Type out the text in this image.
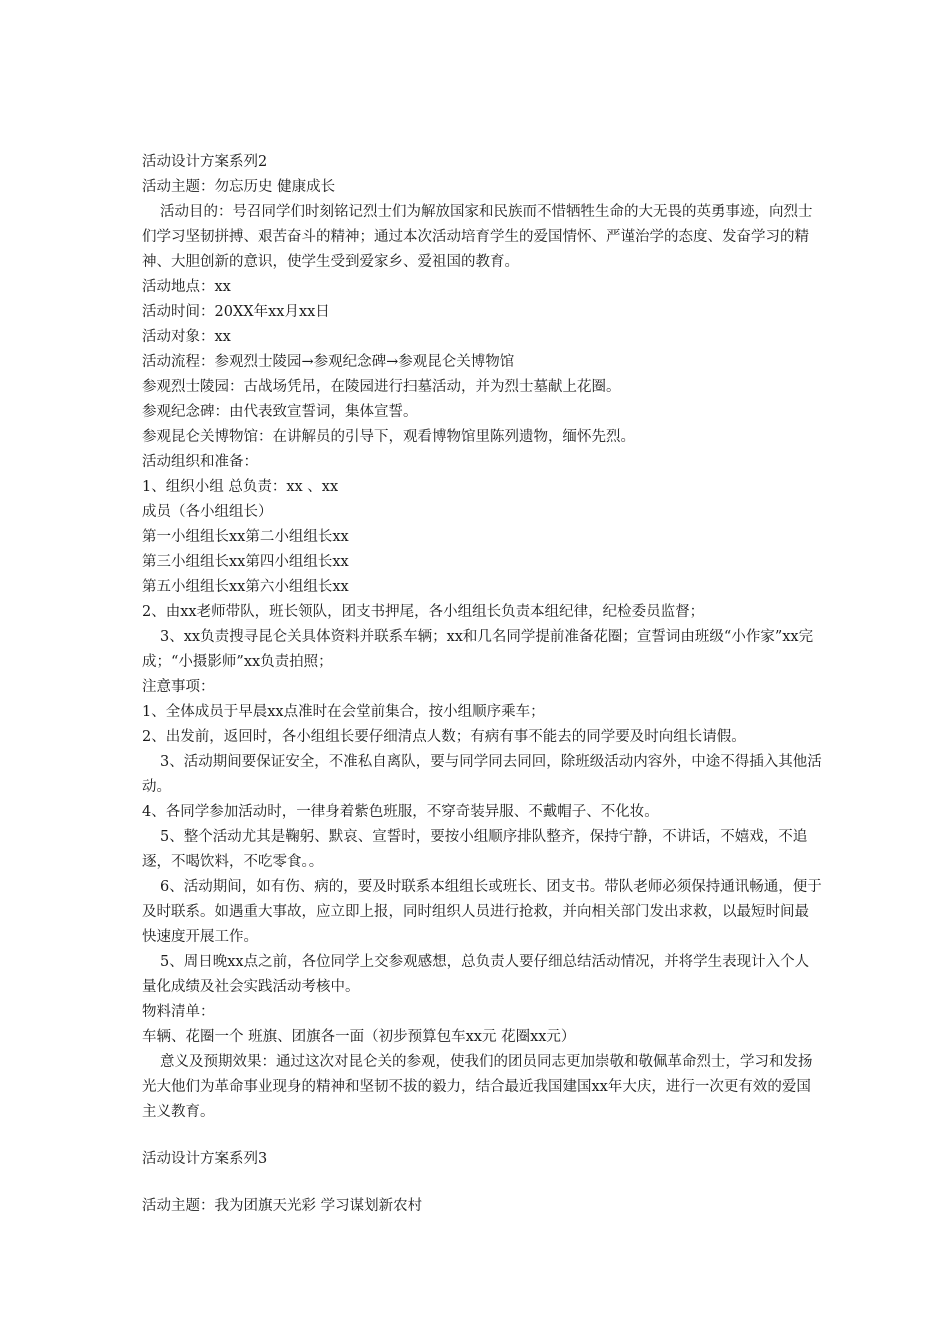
活动设计方案系列2

活动主题：勿忘历史 健康成长

活动目的：号召同学们时刻铭记烈士们为解放国家和民族而不惜牺牲生命的大无畏的英勇事迹，向烈士们学习坚韧拼搏、艰苦奋斗的精神；通过本次活动培育学生的爱国情怀、严谨治学的态度、发奋学习的精神、大胆创新的意识，使学生受到爱家乡、爱祖国的教育。

活动地点：xx

活动时间：20XX年xx月xx日

活动对象：xx

活动流程：参观烈士陵园→参观纪念碑→参观昆仑关博物馆

参观烈士陵园：古战场凭吊，在陵园进行扫墓活动，并为烈士墓献上花圈。

参观纪念碑：由代表致宣誓词，集体宣誓。

参观昆仑关博物馆：在讲解员的引导下，观看博物馆里陈列遗物，缅怀先烈。

活动组织和准备：

1、组织小组 总负责：xx 、xx

成员（各小组组长）

第一小组组长xx第二小组组长xx

第三小组组长xx第四小组组长xx

第五小组组长xx第六小组组长xx

2、由xx老师带队，班长领队，团支书押尾，各小组组长负责本组纪律，纪检委员监督；

3、xx负责搜寻昆仑关具体资料并联系车辆；xx和几名同学提前准备花圈；宣誓词由班级“小作家”xx完成；“小摄影师”xx负责拍照；

注意事项：

1、全体成员于早晨xx点准时在会堂前集合，按小组顺序乘车；

2、出发前，返回时，各小组组长要仔细清点人数；有病有事不能去的同学要及时向组长请假。

3、活动期间要保证安全，不准私自离队，要与同学同去同回，除班级活动内容外，中途不得插入其他活动。

4、各同学参加活动时，一律身着紫色班服，不穿奇装异服、不戴帽子、不化妆。

5、整个活动尤其是鞠躬、默哀、宣誓时，要按小组顺序排队整齐，保持宁静，不讲话，不嬉戏，不追逐，不喝饮料，不吃零食。。

6、活动期间，如有伤、病的，要及时联系本组组长或班长、团支书。带队老师必须保持通讯畅通，便于及时联系。如遇重大事故，应立即上报，同时组织人员进行抢救，并向相关部门发出求救，以最短时间最快速度开展工作。

5、周日晚xx点之前，各位同学上交参观感想，总负责人要仔细总结活动情况，并将学生表现计入个人量化成绩及社会实践活动考核中。

物料清单：

车辆、花圈一个 班旗、团旗各一面（初步预算包车xx元 花圈xx元）

意义及预期效果：通过这次对昆仑关的参观，使我们的团员同志更加崇敬和敬佩革命烈士，学习和发扬光大他们为革命事业现身的精神和坚韧不拔的毅力，结合最近我国建国xx年大庆，进行一次更有效的爱国主义教育。

活动设计方案系列3

活动主题：我为团旗天光彩 学习谋划新农村
